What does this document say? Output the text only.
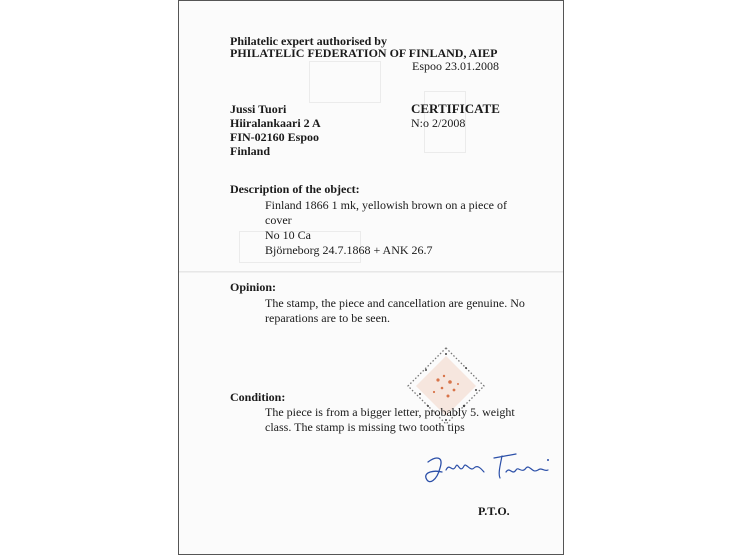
Philatelic expert authorised by
PHILATELIC FEDERATION OF FINLAND, AIEP
Espoo 23.01.2008
Jussi Tuori
Hiiralankaari 2 A
FIN-02160 Espoo
Finland
CERTIFICATE
N:o 2/2008
Description of the object:
Finland 1866 1 mk, yellowish brown on a piece of
cover
No 10 Ca
Björneborg 24.7.1868 + ANK 26.7
Opinion:
The stamp, the piece and cancellation are genuine. No
reparations are to be seen.
Condition:
The piece is from a bigger letter, probably 5. weight
class. The stamp is missing two tooth tips
P.T.O.
